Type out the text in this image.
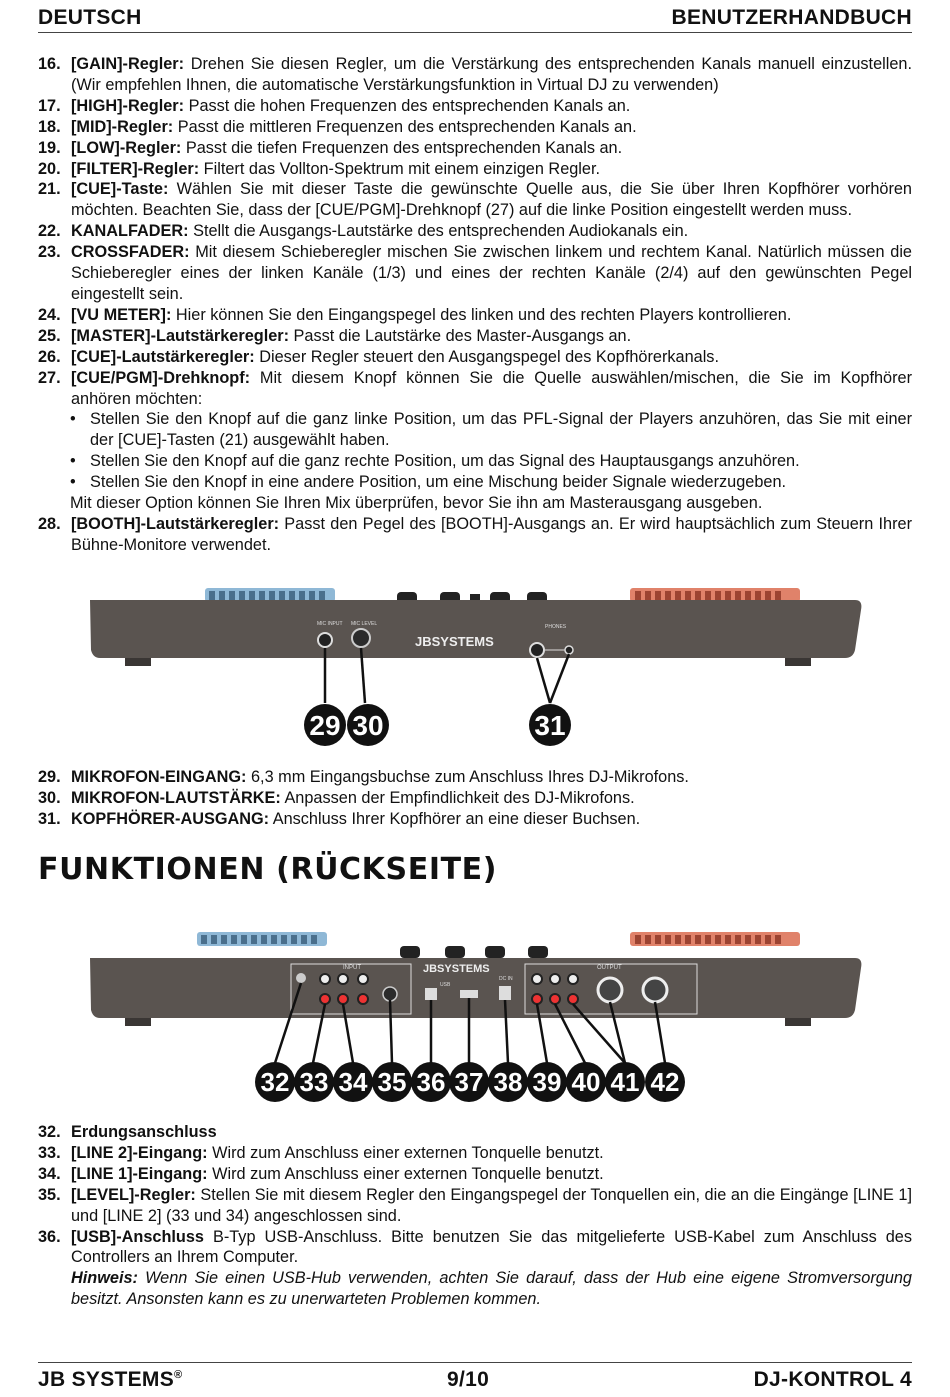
DEUTSCH	BENUTZERHANDBUCH
16. [GAIN]-Regler: Drehen Sie diesen Regler, um die Verstärkung des entsprechenden Kanals manuell einzustellen. (Wir empfehlen Ihnen, die automatische Verstärkungsfunktion in Virtual DJ zu verwenden)
17. [HIGH]-Regler: Passt die hohen Frequenzen des entsprechenden Kanals an.
18. [MID]-Regler: Passt die mittleren Frequenzen des entsprechenden Kanals an.
19. [LOW]-Regler: Passt die tiefen Frequenzen des entsprechenden Kanals an.
20. [FILTER]-Regler: Filtert das Vollton-Spektrum mit einem einzigen Regler.
21. [CUE]-Taste: Wählen Sie mit dieser Taste die gewünschte Quelle aus, die Sie über Ihren Kopfhörer vorhören möchten. Beachten Sie, dass der [CUE/PGM]-Drehknopf (27) auf die linke Position eingestellt werden muss.
22. KANALFADER: Stellt die Ausgangs-Lautstärke des entsprechenden Audiokanals ein.
23. CROSSFADER: Mit diesem Schieberegler mischen Sie zwischen linkem und rechtem Kanal. Natürlich müssen die Schieberegler eines der linken Kanäle (1/3) und eines der rechten Kanäle (2/4) auf den gewünschten Pegel eingestellt sein.
24. [VU METER]: Hier können Sie den Eingangspegel des linken und des rechten Players kontrollieren.
25. [MASTER]-Lautstärkeregler: Passt die Lautstärke des Master-Ausgangs an.
26. [CUE]-Lautstärkeregler: Dieser Regler steuert den Ausgangspegel des Kopfhörerkanals.
27. [CUE/PGM]-Drehknopf: Mit diesem Knopf können Sie die Quelle auswählen/mischen, die Sie im Kopfhörer anhören möchten:
• Stellen Sie den Knopf auf die ganz linke Position, um das PFL-Signal der Players anzuhören, das Sie mit einer der [CUE]-Tasten (21) ausgewählt haben.
• Stellen Sie den Knopf auf die ganz rechte Position, um das Signal des Hauptausgangs anzuhören.
• Stellen Sie den Knopf in eine andere Position, um eine Mischung beider Signale wiederzugeben.
Mit dieser Option können Sie Ihren Mix überprüfen, bevor Sie ihn am Masterausgang ausgeben.
28. [BOOTH]-Lautstärkeregler: Passt den Pegel des [BOOTH]-Ausgangs an. Er wird hauptsächlich zum Steuern Ihrer Bühne-Monitore verwendet.
MIC INPUT MIC LEVEL	PHONES
JBSYSTEMS
29 30	31
29. MIKROFON-EINGANG: 6,3 mm Eingangsbuchse zum Anschluss Ihres DJ-Mikrofons.
30. MIKROFON-LAUTSTÄRKE: Anpassen der Empfindlichkeit des DJ-Mikrofons.
31. KOPFHÖRER-AUSGANG: Anschluss Ihrer Kopfhörer an eine dieser Buchsen.
FUNKTIONEN (RÜCKSEITE)
INPUT	JBSYSTEMS
USB
DC IN
OUTPUT
32 33 34 35 36 37 38 39 40 41 42
32. Erdungsanschluss
33. [LINE 2]-Eingang: Wird zum Anschluss einer externen Tonquelle benutzt.
34. [LINE 1]-Eingang: Wird zum Anschluss einer externen Tonquelle benutzt.
35. [LEVEL]-Regler: Stellen Sie mit diesem Regler den Eingangspegel der Tonquellen ein, die an die Eingänge [LINE 1] und [LINE 2] (33 und 34) angeschlossen sind.
36. [USB]-Anschluss B-Typ USB-Anschluss. Bitte benutzen Sie das mitgelieferte USB-Kabel zum Anschluss des Controllers an Ihrem Computer.
Hinweis: Wenn Sie einen USB-Hub verwenden, achten Sie darauf, dass der Hub eine eigene Stromversorgung besitzt. Ansonsten kann es zu unerwarteten Problemen kommen.
JB SYSTEMS®	9/10	DJ-KONTROL 4
